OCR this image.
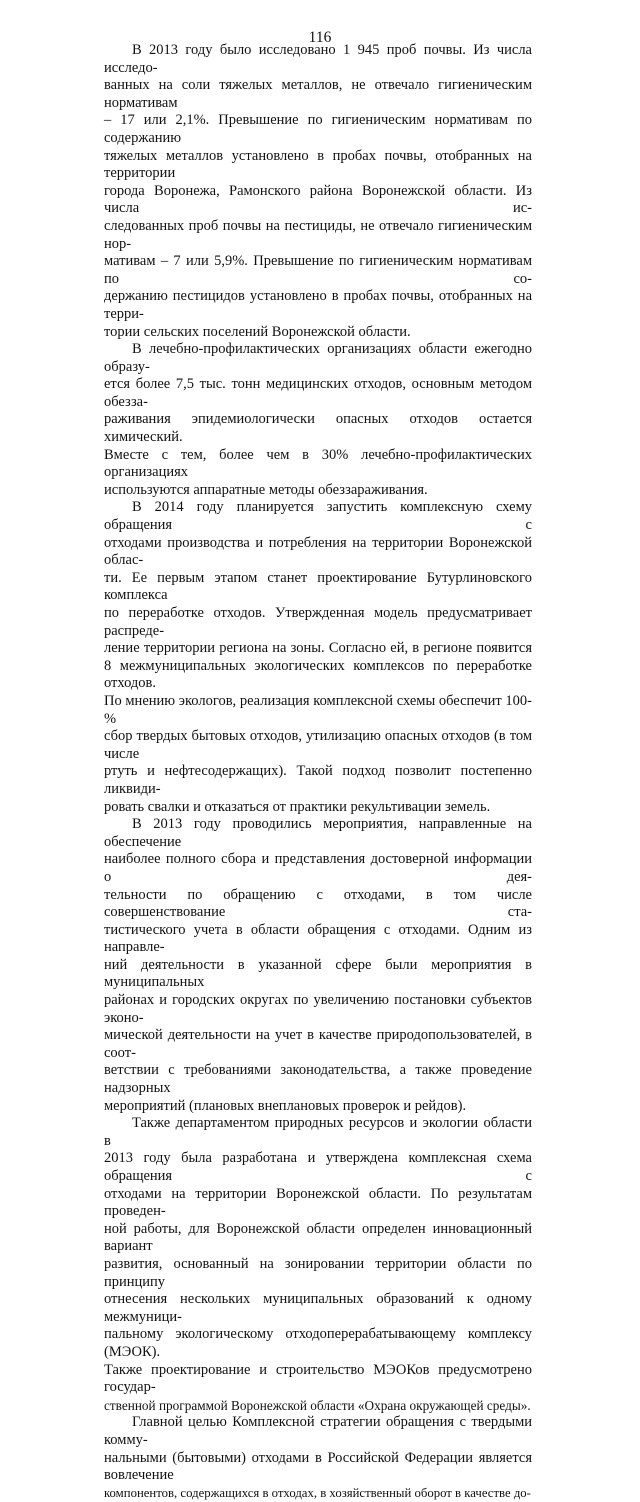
116

В 2013 году было исследовано 1 945 проб почвы. Из числа исследо-
ванных на соли тяжелых металлов, не отвечало гигиеническим нормативам
– 17 или 2,1%. Превышение по гигиеническим нормативам по содержанию
тяжелых металлов установлено в пробах почвы, отобранных на территории
города Воронежа, Рамонского района Воронежской области. Из числа ис-
следованных проб почвы на пестициды, не отвечало гигиеническим нор-
мативам – 7 или 5,9%. Превышение по гигиеническим нормативам по со-
держанию пестицидов установлено в пробах почвы, отобранных на терри-
тории сельских поселений Воронежской области.

В лечебно-профилактических организациях области ежегодно образу-
ется более 7,5 тыс. тонн медицинских отходов, основным методом обезза-
раживания эпидемиологически опасных отходов остается химический.
Вместе с тем, более чем в 30% лечебно-профилактических организациях
используются аппаратные методы обеззараживания.

В 2014 году планируется запустить комплексную схему обращения с
отходами производства и потребления на территории Воронежской облас-
ти. Ее первым этапом станет проектирование Бутурлиновского комплекса
по переработке отходов. Утвержденная модель предусматривает распреде-
ление территории региона на зоны. Согласно ей, в регионе появится
8 межмуниципальных экологических комплексов по переработке отходов.
По мнению экологов, реализация комплексной схемы обеспечит 100-%
сбор твердых бытовых отходов, утилизацию опасных отходов (в том числе
ртуть и нефтесодержащих). Такой подход позволит постепенно ликвиди-
ровать свалки и отказаться от практики рекультивации земель.

В 2013 году проводились мероприятия, направленные на обеспечение
наиболее полного сбора и представления достоверной информации о дея-
тельности по обращению с отходами, в том числе совершенствование ста-
тистического учета в области обращения с отходами. Одним из направле-
ний деятельности в указанной сфере были мероприятия в муниципальных
районах и городских округах по увеличению постановки субъектов эконо-
мической деятельности на учет в качестве природопользователей, в соот-
ветствии с требованиями законодательства, а также проведение надзорных
мероприятий (плановых внеплановых проверок и рейдов).

Также департаментом природных ресурсов и экологии области в
2013 году была разработана и утверждена комплексная схема обращения с
отходами на территории Воронежской области. По результатам проведен-
ной работы, для Воронежской области определен инновационный вариант
развития, основанный на зонировании территории области по принципу
отнесения нескольких муниципальных образований к одному межмуници-
пальному экологическому отходоперерабатывающему комплексу (МЭОК).
Также проектирование и строительство МЭОКов предусмотрено государ-
ственной программой Воронежской области «Охрана окружающей среды».

Главной целью Комплексной стратегии обращения с твердыми комму-
нальными (бытовыми) отходами в Российской Федерации является вовлечение
компонентов, содержащихся в отходах, в хозяйственный оборот в качестве до-
